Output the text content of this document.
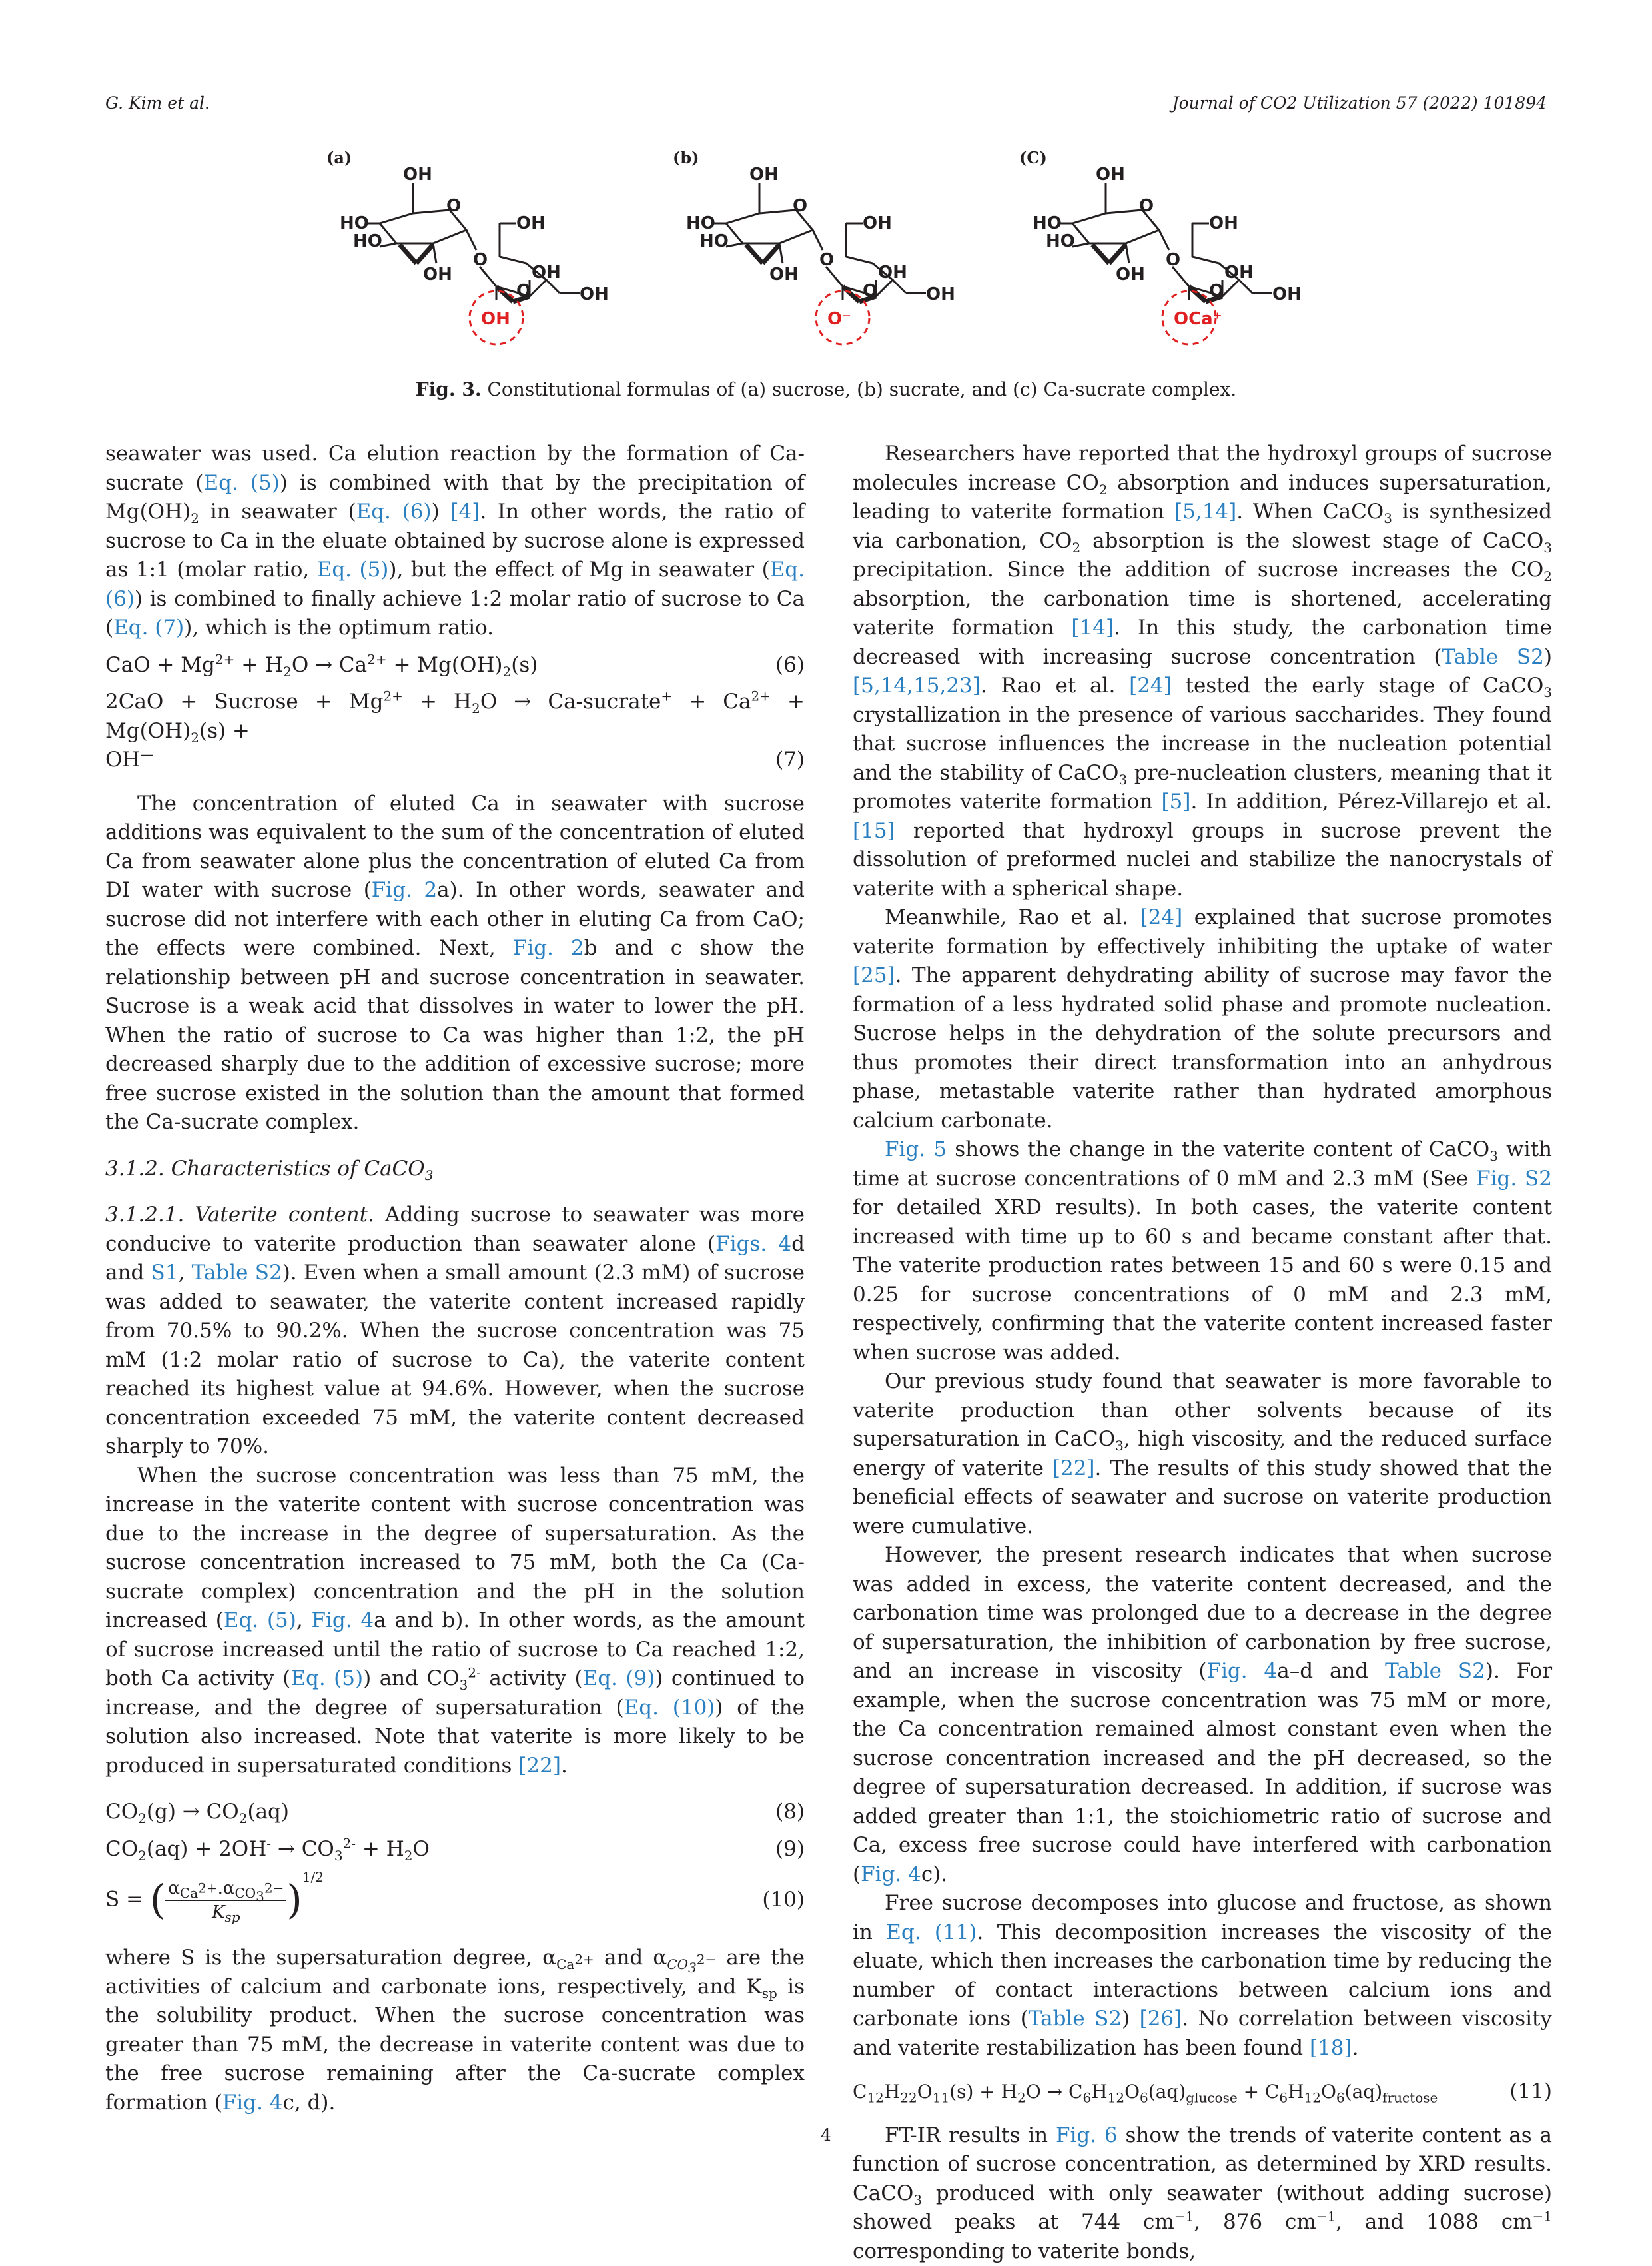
G. Kim et al.	Journal of CO2 Utilization 57 (2022) 101894
(a)
OH
HO
HO
O
OH
O
OH
OH
O	OH
OH
(b)
OH
HO
HO
O
OH
O
OH
OH
O	OH
O⁻
(C)
OH
HO
HO
O
OH
O
OH
OH
O	OH
OCa⁺
Fig. 3. Constitutional formulas of (a) sucrose, (b) sucrate, and (c) Ca-sucrate complex.

seawater was used. Ca elution reaction by the formation of Ca-sucrate (Eq. (5)) is combined with that by the precipitation of $Mg(OH)_2$ in seawater (Eq. (6)) [4]. In other words, the ratio of sucrose to Ca in the eluate obtained by sucrose alone is expressed as 1:1 (molar ratio, Eq. (5)), but the effect of Mg in seawater (Eq. (6)) is combined to finally achieve 1:2 molar ratio of sucrose to Ca (Eq. (7)), which is the optimum ratio.

CaO + $Mg^{2+} + H_2O \to Ca^{2+} + Mg(OH)_2(s)$	(6)
2CaO + Sucrose + $Mg^{2+} + H_2O$ → Ca-sucrate+ + $Ca^{2+} + Mg(OH)_2(s)$ +
OH—	(7)

The concentration of eluted Ca in seawater with sucrose additions was equivalent to the sum of the concentration of eluted Ca from seawater alone plus the concentration of eluted Ca from DI water with sucrose (Fig. 2a). In other words, seawater and sucrose did not interfere with each other in eluting Ca from CaO; the effects were combined. Next, Fig. 2b and c show the relationship between pH and sucrose concentration in seawater. Sucrose is a weak acid that dissolves in water to lower the pH. When the ratio of sucrose to Ca was higher than 1:2, the pH decreased sharply due to the addition of excessive sucrose; more free sucrose existed in the solution than the amount that formed the Ca-sucrate complex.

3.1.2. Characteristics of CaCO$_3$

3.1.2.1. Vaterite content. Adding sucrose to seawater was more conducive to vaterite production than seawater alone (Figs. 4d and S1, Table S2). Even when a small amount (2.3 mM) of sucrose was added to seawater, the vaterite content increased rapidly from 70.5% to 90.2%. When the sucrose concentration was 75 mM (1:2 molar ratio of sucrose to Ca), the vaterite content reached its highest value at 94.6%. However, when the sucrose concentration exceeded 75 mM, the vaterite content decreased sharply to 70%.

When the sucrose concentration was less than 75 mM, the increase in the vaterite content with sucrose concentration was due to the increase in the degree of supersaturation. As the sucrose concentration increased to 75 mM, both the Ca (Ca-sucrate complex) concentration and the pH in the solution increased (Eq. (5), Fig. 4a and b). In other words, as the amount of sucrose increased until the ratio of sucrose to Ca reached 1:2, both Ca activity (Eq. (5)) and $CO_3^{2-}$ activity (Eq. (9)) continued to increase, and the degree of supersaturation (Eq. (10)) of the solution also increased. Note that vaterite is more likely to be produced in supersaturated conditions [22].

$CO_2(g) \to CO_2(aq)$	(8)
$CO_2(aq) + 2OH^- \to CO_3^{2-} + H_2O$	(9)
S = ( $\frac{\alpha_{Ca^{2+}}.\alpha_{CO_3^{2-}}}{K_{sp}} )^{1/2}$
(10)

where S is the supersaturation degree, $\alpha_{Ca^{2+}}$ and $\alpha_{CO_3^{2-}}$ are the activities of calcium and carbonate ions, respectively, and $K_{sp}$ is the solubility product. When the sucrose concentration was greater than 75 mM, the decrease in vaterite content was due to the free sucrose remaining after the Ca-sucrate complex formation (Fig. 4c, d).

Researchers have reported that the hydroxyl groups of sucrose molecules increase $CO_2$ absorption and induces supersaturation, leading to vaterite formation [5,14]. When CaCO$_3$ is synthesized via carbonation, $CO_2$ absorption is the slowest stage of CaCO$_3$ precipitation. Since the addition of sucrose increases the $CO_2$ absorption, the carbonation time is shortened, accelerating vaterite formation [14]. In this study, the carbonation time decreased with increasing sucrose concentration (Table S2) [5,14,15,23]. Rao et al. [24] tested the early stage of CaCO$_3$ crystallization in the presence of various saccharides. They found that sucrose influences the increase in the nucleation potential and the stability of CaCO$_3$ pre-nucleation clusters, meaning that it promotes vaterite formation [5]. In addition, Pérez-Villarejo et al. [15] reported that hydroxyl groups in sucrose prevent the dissolution of preformed nuclei and stabilize the nanocrystals of vaterite with a spherical shape.

Meanwhile, Rao et al. [24] explained that sucrose promotes vaterite formation by effectively inhibiting the uptake of water [25]. The apparent dehydrating ability of sucrose may favor the formation of a less hydrated solid phase and promote nucleation. Sucrose helps in the dehydration of the solute precursors and thus promotes their direct transformation into an anhydrous phase, metastable vaterite rather than hydrated amorphous calcium carbonate.

Fig. 5 shows the change in the vaterite content of CaCO$_3$ with time at sucrose concentrations of 0 mM and 2.3 mM (See Fig. S2 for detailed XRD results). In both cases, the vaterite content increased with time up to 60 s and became constant after that. The vaterite production rates between 15 and 60 s were 0.15 and 0.25 for sucrose concentrations of 0 mM and 2.3 mM, respectively, confirming that the vaterite content increased faster when sucrose was added.

Our previous study found that seawater is more favorable to vaterite production than other solvents because of its supersaturation in CaCO$_3$, high viscosity, and the reduced surface energy of vaterite [22]. The results of this study showed that the beneficial effects of seawater and sucrose on vaterite production were cumulative.

However, the present research indicates that when sucrose was added in excess, the vaterite content decreased, and the carbonation time was prolonged due to a decrease in the degree of supersaturation, the inhibition of carbonation by free sucrose, and an increase in viscosity (Fig. 4a–d and Table S2). For example, when the sucrose concentration was 75 mM or more, the Ca concentration remained almost constant even when the sucrose concentration increased and the pH decreased, so the degree of supersaturation decreased. In addition, if sucrose was added greater than 1:1, the stoichiometric ratio of sucrose and Ca, excess free sucrose could have interfered with carbonation (Fig. 4c).

Free sucrose decomposes into glucose and fructose, as shown in Eq. (11). This decomposition increases the viscosity of the eluate, which then increases the carbonation time by reducing the number of contact interactions between calcium ions and carbonate ions (Table S2) [26]. No correlation between viscosity and vaterite restabilization has been found [18].

$C_{12}H_{22}O_{11}(s) + H_2O \to C_6H_{12}O_6(aq)_{glucose} + C_6H_{12}O_6(aq)_{fructose}$	(11)

FT-IR results in Fig. 6 show the trends of vaterite content as a function of sucrose concentration, as determined by XRD results. CaCO$_3$ produced with only seawater (without adding sucrose) showed peaks at 744 $cm^{-1}$, 876 $cm^{-1}$, and 1088 $cm^{-1}$ corresponding to vaterite bonds,

4
